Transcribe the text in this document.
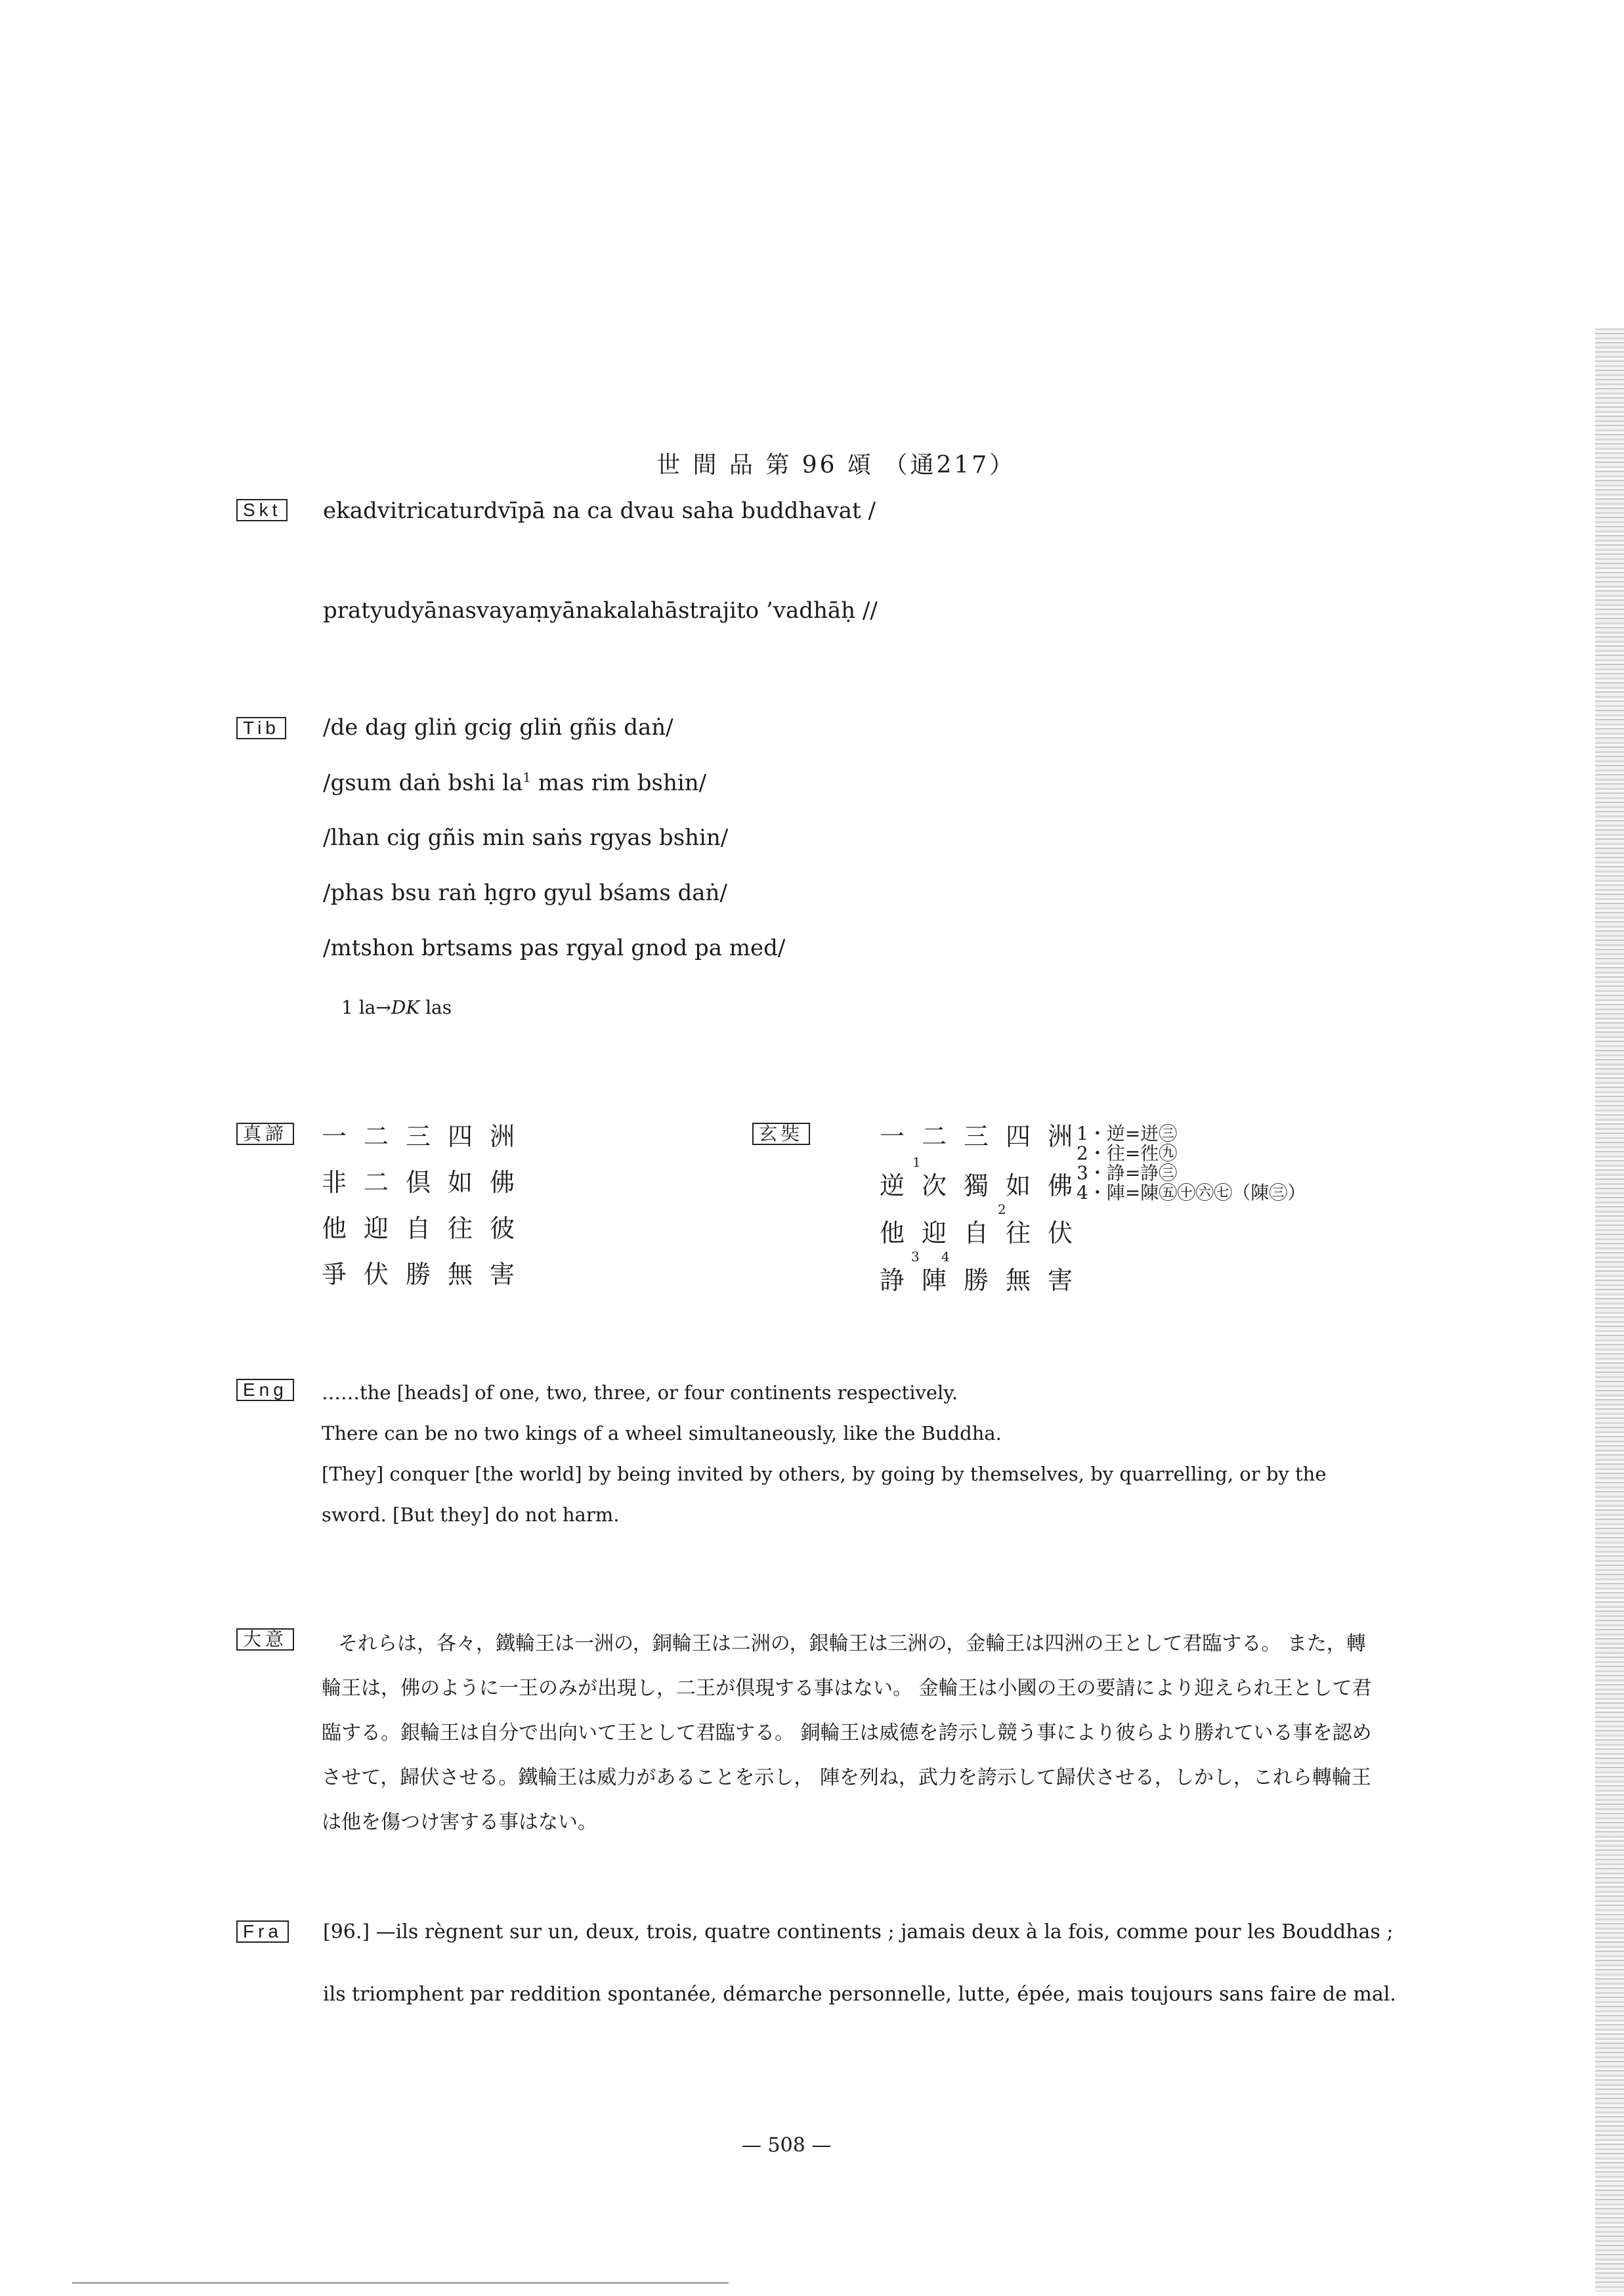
世 間 品 第 96 頌 （通217）
Skt ekadvitricaturdvīpā na ca dvau saha buddhavat /
pratyudyānasvayaṃyānakalahāstrajito ’vadhāḥ //
Tib /de dag gliṅ gcig gliṅ gñis daṅ/
/gsum daṅ bshi $la^1$ mas rim bshin/
/lhan cig gñis min saṅs rgyas bshin/
/phas bsu raṅ ḥgro gyul bśams daṅ/
/mtshon brtsams pas rgyal gnod pa med/
1 la→DK las
真諦 一二三四洲
非二倶如佛
他迎自往彼
爭伏勝無害
玄奘	一二三四洲
1
逆次獨如佛
2
他迎自往伏
3 4
諍陣勝無害
1・逆=迸㊂
2・往=徃㊈
3・諍=諍㊂
4・陣=陳㊄㊉㊅㊆（陳㊂）
Eng	……the [heads] of one, two, three, or four continents respectively.
There can be no two kings of a wheel simultaneously, like the Buddha.
[They] conquer [the world] by being invited by others, by going by themselves, by quarrelling, or by the
sword. [But they] do not harm.
大意	それらは，各々，鐵輪王は一洲の，銅輪王は二洲の，銀輪王は三洲の，金輪王は四洲の王として君臨する。 また，轉
輪王は，佛のように一王のみが出現し，二王が倶現する事はない。 金輪王は小國の王の要請により迎えられ王として君
臨する。銀輪王は自分で出向いて王として君臨する。 銅輪王は威德を誇示し競う事により彼らより勝れている事を認め
させて，歸伏させる。鐵輪王は威力があることを示し， 陣を列ね，武力を誇示して歸伏させる，しかし，これら轉輪王
は他を傷つけ害する事はない。
Fra	[96.] —ils règnent sur un, deux, trois, quatre continents ; jamais deux à la fois, comme pour les Bouddhas ;
ils triomphent par reddition spontanée, démarche personnelle, lutte, épée, mais toujours sans faire de mal.
— 508 —
